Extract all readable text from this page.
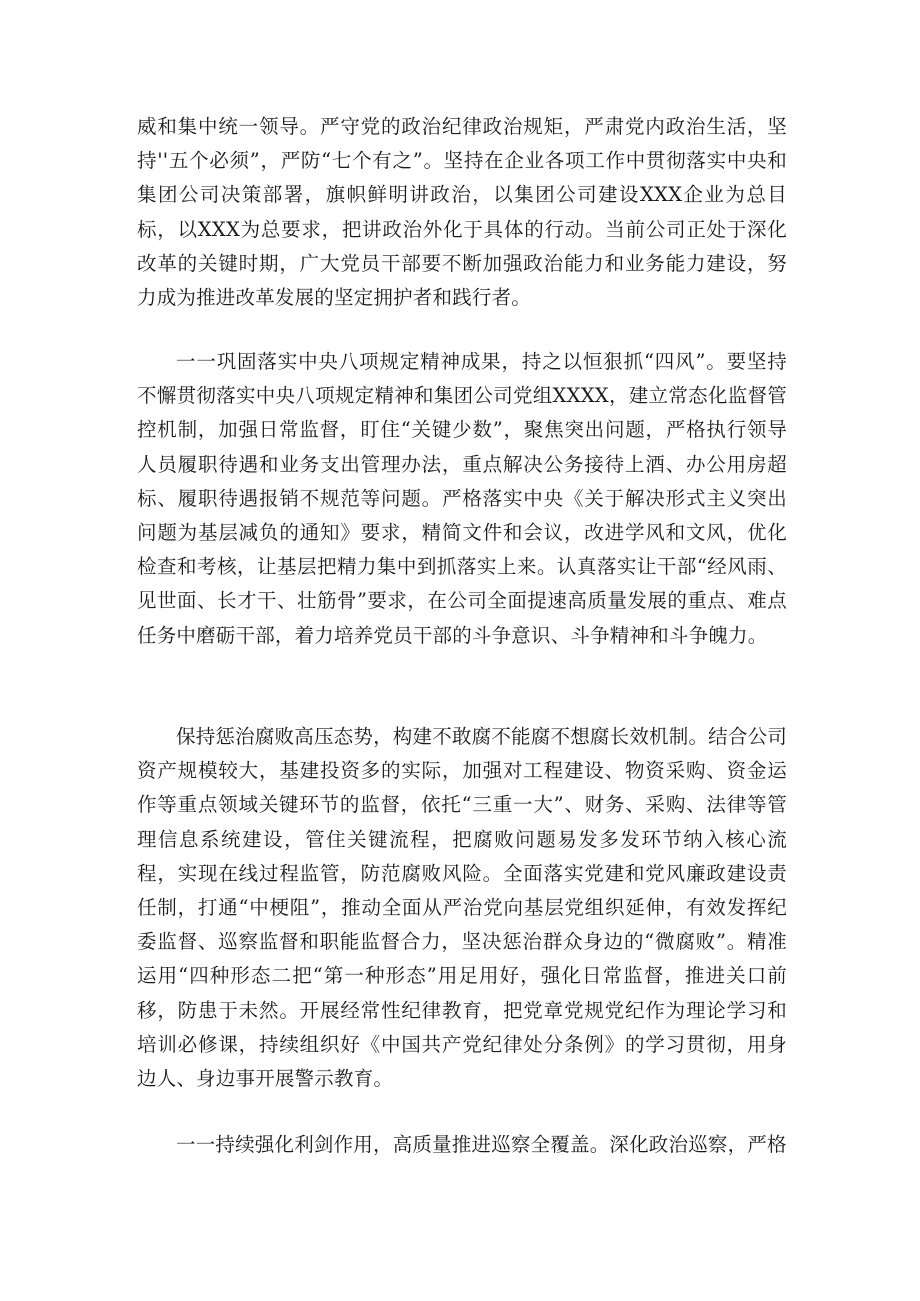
威和集中统一领导。严守党的政治纪律政治规矩，严肃党内政治生活，坚持''五个必须”，严防“七个有之”。坚持在企业各项工作中贯彻落实中央和集团公司决策部署，旗帜鲜明讲政治，以集团公司建设XXX企业为总目标，以XXX为总要求，把讲政治外化于具体的行动。当前公司正处于深化改革的关键时期，广大党员干部要不断加强政治能力和业务能力建设，努力成为推进改革发展的坚定拥护者和践行者。

一一巩固落实中央八项规定精神成果，持之以恒狠抓“四风”。要坚持不懈贯彻落实中央八项规定精神和集团公司党组XXXX，建立常态化监督管控机制，加强日常监督，盯住“关键少数”，聚焦突出问题，严格执行领导人员履职待遇和业务支出管理办法，重点解决公务接待上酒、办公用房超标、履职待遇报销不规范等问题。严格落实中央《关于解决形式主义突出问题为基层减负的通知》要求，精简文件和会议，改进学风和文风，优化检查和考核，让基层把精力集中到抓落实上来。认真落实让干部“经风雨、见世面、长才干、壮筋骨”要求，在公司全面提速高质量发展的重点、难点任务中磨砺干部，着力培养党员干部的斗争意识、斗争精神和斗争魄力。

保持惩治腐败高压态势，构建不敢腐不能腐不想腐长效机制。结合公司资产规模较大，基建投资多的实际，加强对工程建设、物资采购、资金运作等重点领域关键环节的监督，依托“三重一大”、财务、采购、法律等管理信息系统建设，管住关键流程，把腐败问题易发多发环节纳入核心流程，实现在线过程监管，防范腐败风险。全面落实党建和党风廉政建设责任制，打通“中梗阻”，推动全面从严治党向基层党组织延伸，有效发挥纪委监督、巡察监督和职能监督合力，坚决惩治群众身边的“微腐败”。精准运用“四种形态二把“第一种形态”用足用好，强化日常监督，推进关口前移，防患于未然。开展经常性纪律教育，把党章党规党纪作为理论学习和培训必修课，持续组织好《中国共产党纪律处分条例》的学习贯彻，用身边人、身边事开展警示教育。

一一持续强化利剑作用，高质量推进巡察全覆盖。深化政治巡察，严格
